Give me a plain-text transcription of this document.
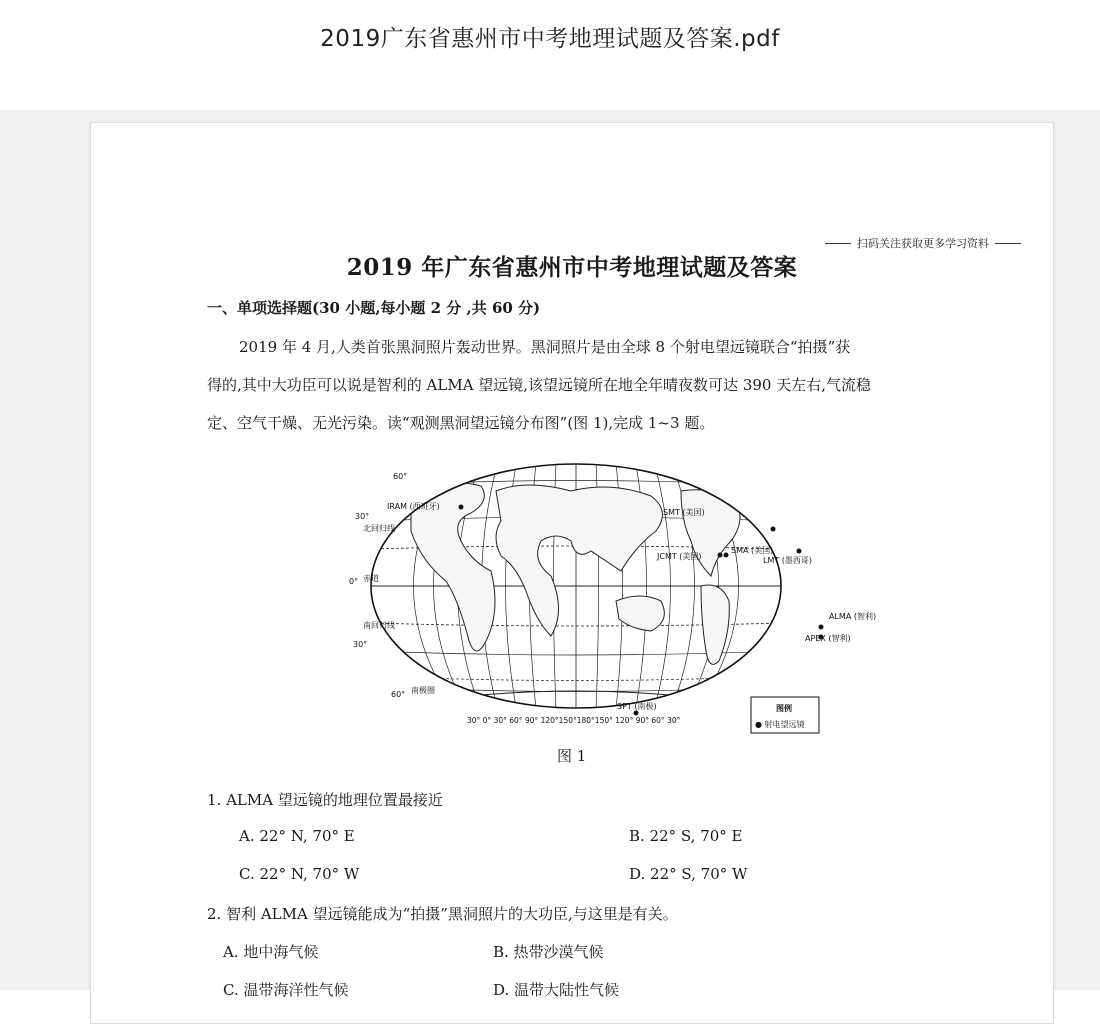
2019广东省惠州市中考地理试题及答案.pdf
扫码关注获取更多学习资料
2019 年广东省惠州市中考地理试题及答案
一、单项选择题(30 小题,每小题 2 分 ,共 60 分)
2019 年 4 月,人类首张黑洞照片轰动世界。黑洞照片是由全球 8 个射电望远镜联合“拍摄”获
得的,其中大功臣可以说是智利的 ALMA 望远镜,该望远镜所在地全年晴夜数可达 390 天左右,气流稳
定、空气干燥、无光污染。读“观测黑洞望远镜分布图”(图 1),完成 1~3 题。
60°
30°
0°
30°
60°
北回归线
赤道
南回归线
南极圈
IRAM (西班牙)
SMT (美国)
JCMT (美国)
SMA (美国)
LMT (墨西哥)
ALMA (智利)
APEX (智利)
SPT (南极)
30° 0° 30° 60° 90° 120°150°180°150° 120° 90° 60° 30°
图例
● 射电望远镜
图 1
1. ALMA 望远镜的地理位置最接近
A. 22° N, 70° E	B. 22° S, 70° E
C. 22° N, 70° W	D. 22° S, 70° W
2. 智利 ALMA 望远镜能成为“拍摄”黑洞照片的大功臣,与这里是有关。
A. 地中海气候	B. 热带沙漠气候
C. 温带海洋性气候	D. 温带大陆性气候
